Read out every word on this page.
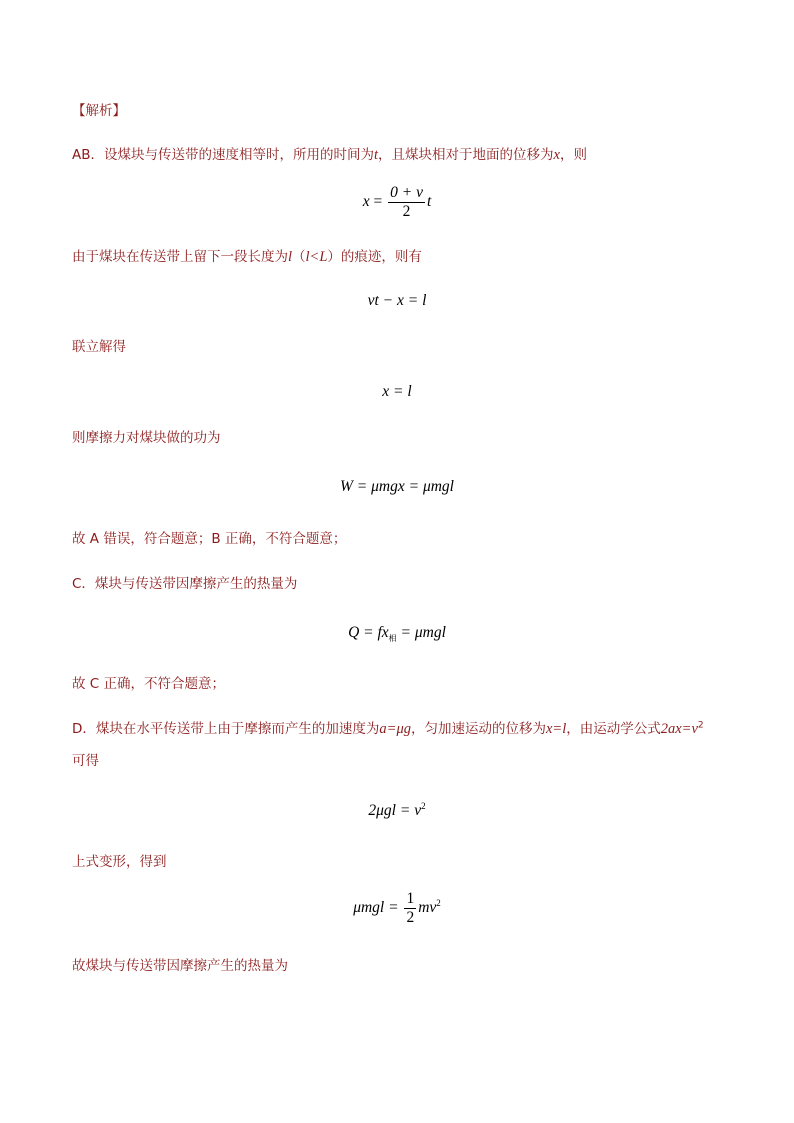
【解析】
AB．设煤块与传送带的速度相等时，所用的时间为t，且煤块相对于地面的位移为x，则
$x = \frac{0 + v}{2}$ t
由于煤块在传送带上留下一段长度为l（l<L）的痕迹，则有
vt − x = l
联立解得
x = l
则摩擦力对煤块做的功为
W = μmgx = μmgl
故 A 错误，符合题意；B 正确，不符合题意；
C．煤块与传送带因摩擦产生的热量为
$Q = fx_相 = \mu mgl$
故 C 正确，不符合题意；
D．煤块在水平传送带上由于摩擦而产生的加速度为a=μg，匀加速运动的位移为x=l，由运动学公式$2ax=v^2$
可得
$2\mu gl = v^2$
上式变形，得到
$\mu mgl = \frac{1}{2} mv^2$
故煤块与传送带因摩擦产生的热量为
